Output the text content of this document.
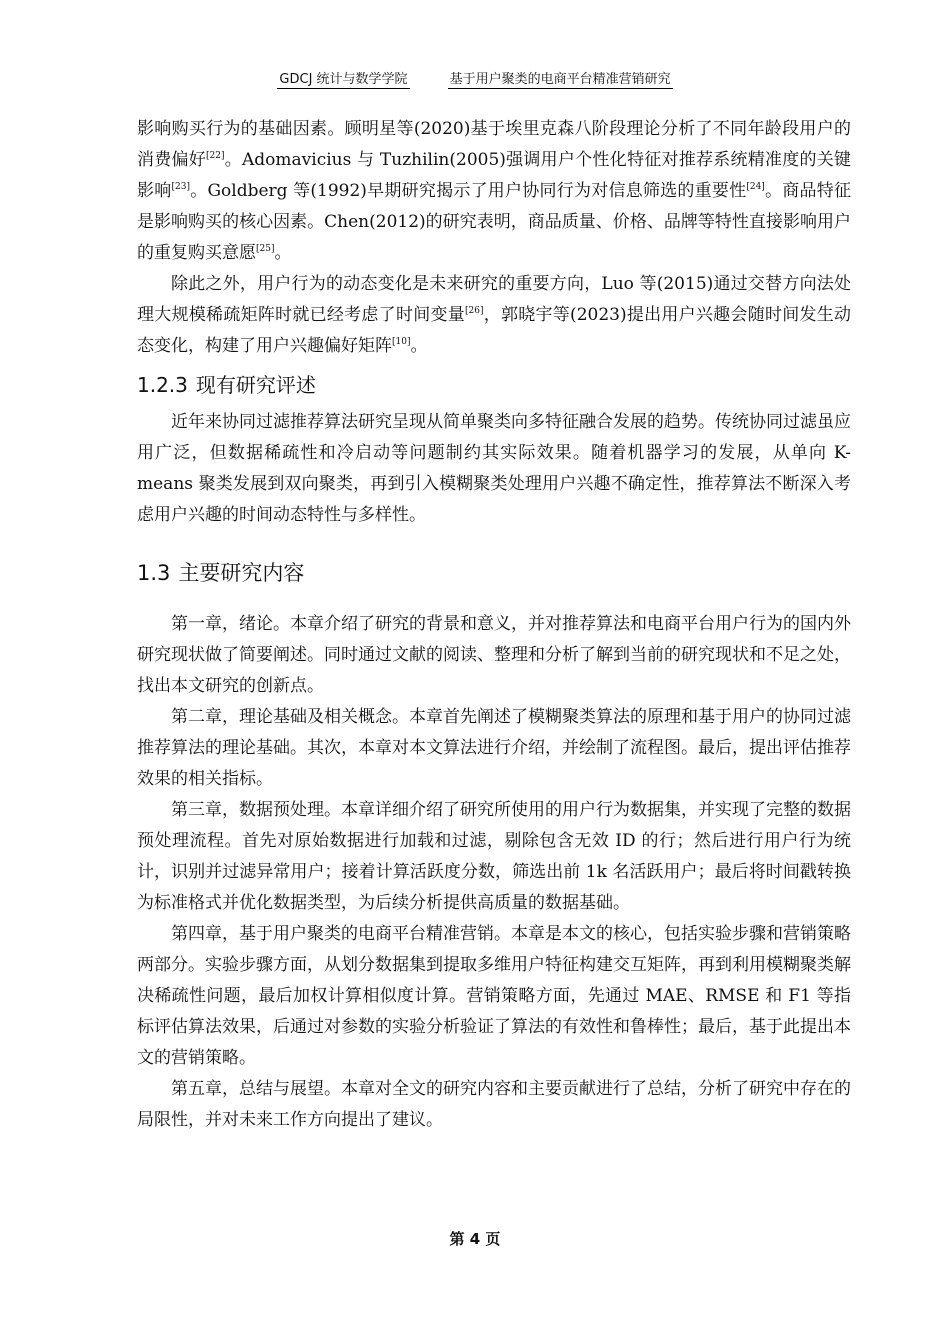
GDCJ 统计与数学学院	基于用户聚类的电商平台精准营销研究

影响购买行为的基础因素。顾明星等(2020)基于埃里克森八阶段理论分析了不同年龄段用户的消费偏好[22]。Adomavicius 与 Tuzhilin(2005)强调用户个性化特征对推荐系统精准度的关键影响[23]。Goldberg 等(1992)早期研究揭示了用户协同行为对信息筛选的重要性[24]。商品特征是影响购买的核心因素。Chen(2012)的研究表明，商品质量、价格、品牌等特性直接影响用户的重复购买意愿[25]。

除此之外，用户行为的动态变化是未来研究的重要方向，Luo 等(2015)通过交替方向法处理大规模稀疏矩阵时就已经考虑了时间变量[26]，郭晓宇等(2023)提出用户兴趣会随时间发生动态变化，构建了用户兴趣偏好矩阵[10]。

1.2.3 现有研究评述

近年来协同过滤推荐算法研究呈现从简单聚类向多特征融合发展的趋势。传统协同过滤虽应用广泛，但数据稀疏性和冷启动等问题制约其实际效果。随着机器学习的发展，从单向 K-means 聚类发展到双向聚类，再到引入模糊聚类处理用户兴趣不确定性，推荐算法不断深入考虑用户兴趣的时间动态特性与多样性。

1.3 主要研究内容

第一章，绪论。本章介绍了研究的背景和意义，并对推荐算法和电商平台用户行为的国内外研究现状做了简要阐述。同时通过文献的阅读、整理和分析了解到当前的研究现状和不足之处，找出本文研究的创新点。

第二章，理论基础及相关概念。本章首先阐述了模糊聚类算法的原理和基于用户的协同过滤推荐算法的理论基础。其次，本章对本文算法进行介绍，并绘制了流程图。最后，提出评估推荐效果的相关指标。

第三章，数据预处理。本章详细介绍了研究所使用的用户行为数据集，并实现了完整的数据预处理流程。首先对原始数据进行加载和过滤，剔除包含无效 ID 的行；然后进行用户行为统计，识别并过滤异常用户；接着计算活跃度分数，筛选出前 1k 名活跃用户；最后将时间戳转换为标准格式并优化数据类型，为后续分析提供高质量的数据基础。

第四章，基于用户聚类的电商平台精准营销。本章是本文的核心，包括实验步骤和营销策略两部分。实验步骤方面，从划分数据集到提取多维用户特征构建交互矩阵，再到利用模糊聚类解决稀疏性问题，最后加权计算相似度计算。营销策略方面，先通过 MAE、RMSE 和 F1 等指标评估算法效果，后通过对参数的实验分析验证了算法的有效性和鲁棒性；最后，基于此提出本文的营销策略。

第五章，总结与展望。本章对全文的研究内容和主要贡献进行了总结，分析了研究中存在的局限性，并对未来工作方向提出了建议。

第 4 页
